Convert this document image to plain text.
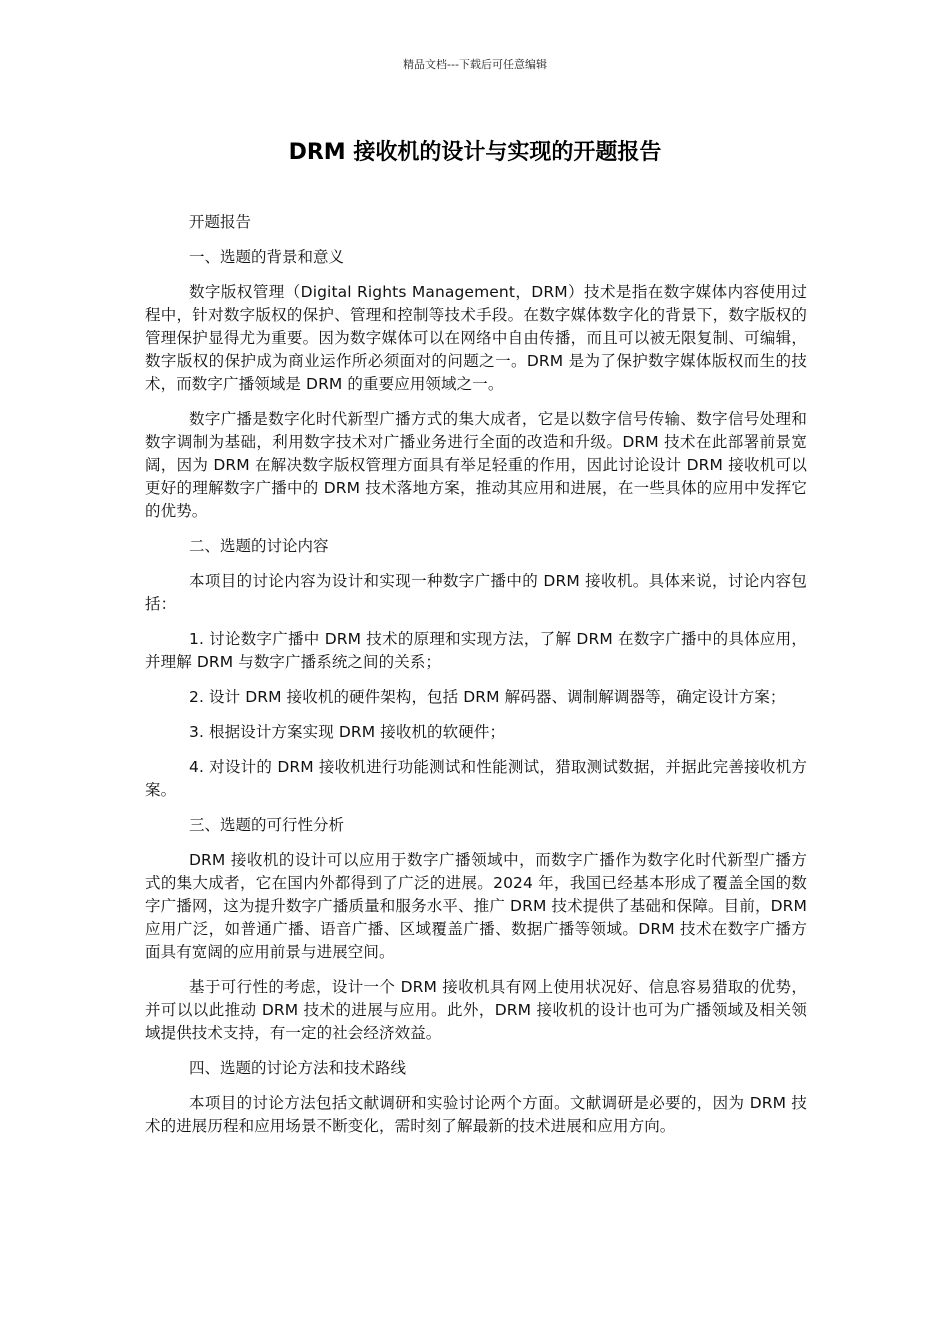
精品文档---下载后可任意编辑
DRM 接收机的设计与实现的开题报告

开题报告

一、选题的背景和意义

数字版权管理（Digital Rights Management，DRM）技术是指在数字媒体内容使用过程中，针对数字版权的保护、管理和控制等技术手段。在数字媒体数字化的背景下，数字版权的管理保护显得尤为重要。因为数字媒体可以在网络中自由传播，而且可以被无限复制、可编辑，数字版权的保护成为商业运作所必须面对的问题之一。DRM 是为了保护数字媒体版权而生的技术，而数字广播领域是 DRM 的重要应用领域之一。

数字广播是数字化时代新型广播方式的集大成者，它是以数字信号传输、数字信号处理和数字调制为基础，利用数字技术对广播业务进行全面的改造和升级。DRM 技术在此部署前景宽阔，因为 DRM 在解决数字版权管理方面具有举足轻重的作用，因此讨论设计 DRM 接收机可以更好的理解数字广播中的 DRM 技术落地方案，推动其应用和进展，在一些具体的应用中发挥它的优势。

二、选题的讨论内容

本项目的讨论内容为设计和实现一种数字广播中的 DRM 接收机。具体来说，讨论内容包括：

1. 讨论数字广播中 DRM 技术的原理和实现方法，了解 DRM 在数字广播中的具体应用，并理解 DRM 与数字广播系统之间的关系；

2. 设计 DRM 接收机的硬件架构，包括 DRM 解码器、调制解调器等，确定设计方案；

3. 根据设计方案实现 DRM 接收机的软硬件；

4. 对设计的 DRM 接收机进行功能测试和性能测试，猎取测试数据，并据此完善接收机方案。

三、选题的可行性分析

DRM 接收机的设计可以应用于数字广播领域中，而数字广播作为数字化时代新型广播方式的集大成者，它在国内外都得到了广泛的进展。2024 年，我国已经基本形成了覆盖全国的数字广播网，这为提升数字广播质量和服务水平、推广 DRM 技术提供了基础和保障。目前，DRM 应用广泛，如普通广播、语音广播、区域覆盖广播、数据广播等领域。DRM 技术在数字广播方面具有宽阔的应用前景与进展空间。

基于可行性的考虑，设计一个 DRM 接收机具有网上使用状况好、信息容易猎取的优势，并可以以此推动 DRM 技术的进展与应用。此外，DRM 接收机的设计也可为广播领域及相关领域提供技术支持，有一定的社会经济效益。

四、选题的讨论方法和技术路线

本项目的讨论方法包括文献调研和实验讨论两个方面。文献调研是必要的，因为 DRM 技术的进展历程和应用场景不断变化，需时刻了解最新的技术进展和应用方向。
